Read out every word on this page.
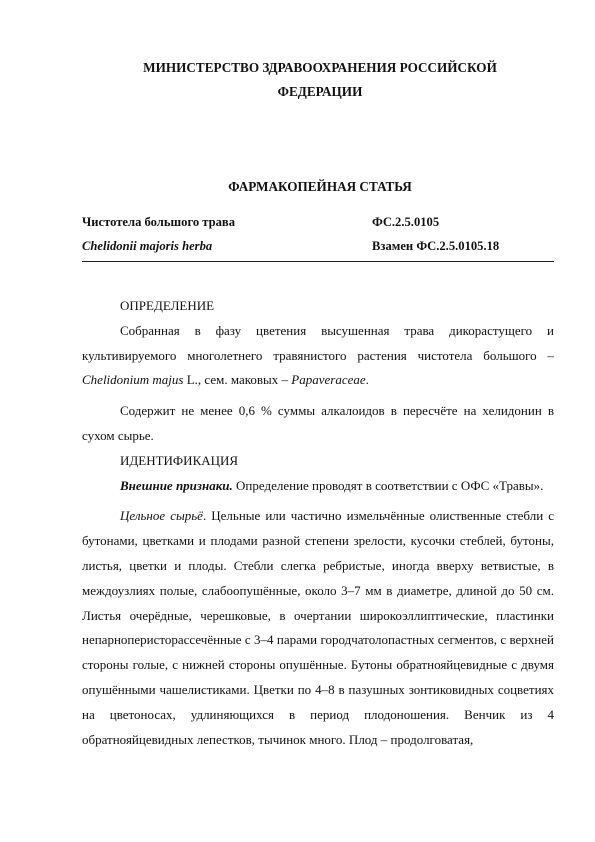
МИНИСТЕРСТВО ЗДРАВООХРАНЕНИЯ РОССИЙСКОЙ
ФЕДЕРАЦИИ
ФАРМАКОПЕЙНАЯ СТАТЬЯ
Чистотела большого трава	ФС.2.5.0105
Chelidonii majoris herba	Взамен ФС.2.5.0105.18

ОПРЕДЕЛЕНИЕ

Собранная в фазу цветения высушенная трава дикорастущего и культивируемого многолетнего травянистого растения чистотела большого – Chelidonium majus L., сем. маковых – Papaveraceae.

Содержит не менее 0,6 % суммы алкалоидов в пересчёте на хелидонин в сухом сырье.

ИДЕНТИФИКАЦИЯ

Внешние признаки. Определение проводят в соответствии с ОФС «Травы».

Цельное сырьё. Цельные или частично измельчённые олиственные стебли с бутонами, цветками и плодами разной степени зрелости, кусочки стеблей, бутоны, листья, цветки и плоды. Стебли слегка ребристые, иногда вверху ветвистые, в междоузлиях полые, слабоопушённые, около 3–7 мм в диаметре, длиной до 50 см. Листья очерёдные, черешковые, в очертании широкоэллиптические, пластинки непарноперисторассечённые с 3–4 парами городчатолопастных сегментов, с верхней стороны голые, с нижней стороны опушённые. Бутоны обратнояйцевидные с двумя опушёнными чашелистиками. Цветки по 4–8 в пазушных зонтиковидных соцветиях на цветоносах, удлиняющихся в период плодоношения. Венчик из 4 обратнояйцевидных лепестков, тычинок много. Плод – продолговатая,
